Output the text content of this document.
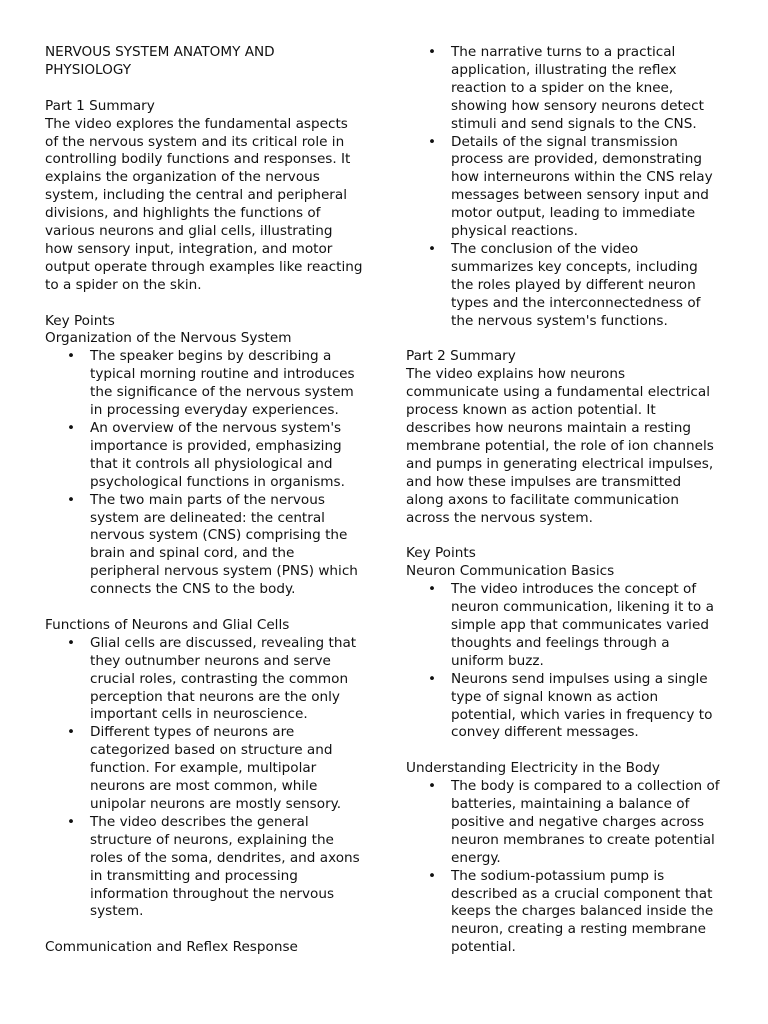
NERVOUS SYSTEM ANATOMY AND PHYSIOLOGY

Part 1 Summary

The video explores the fundamental aspects of the nervous system and its critical role in controlling bodily functions and responses. It explains the organization of the nervous system, including the central and peripheral divisions, and highlights the functions of various neurons and glial cells, illustrating how sensory input, integration, and motor output operate through examples like reacting to a spider on the skin.

Key Points

Organization of the Nervous System

• The speaker begins by describing a typical morning routine and introduces the significance of the nervous system in processing everyday experiences.
• An overview of the nervous system's importance is provided, emphasizing that it controls all physiological and psychological functions in organisms.
• The two main parts of the nervous system are delineated: the central nervous system (CNS) comprising the brain and spinal cord, and the peripheral nervous system (PNS) which connects the CNS to the body.

Functions of Neurons and Glial Cells

• Glial cells are discussed, revealing that they outnumber neurons and serve crucial roles, contrasting the common perception that neurons are the only important cells in neuroscience.
• Different types of neurons are categorized based on structure and function. For example, multipolar neurons are most common, while unipolar neurons are mostly sensory.
• The video describes the general structure of neurons, explaining the roles of the soma, dendrites, and axons in transmitting and processing information throughout the nervous system.

Communication and Reflex Response

• The narrative turns to a practical application, illustrating the reflex reaction to a spider on the knee, showing how sensory neurons detect stimuli and send signals to the CNS.
• Details of the signal transmission process are provided, demonstrating how interneurons within the CNS relay messages between sensory input and motor output, leading to immediate physical reactions.
• The conclusion of the video summarizes key concepts, including the roles played by different neuron types and the interconnectedness of the nervous system's functions.

Part 2 Summary

The video explains how neurons communicate using a fundamental electrical process known as action potential. It describes how neurons maintain a resting membrane potential, the role of ion channels and pumps in generating electrical impulses, and how these impulses are transmitted along axons to facilitate communication across the nervous system.

Key Points

Neuron Communication Basics

• The video introduces the concept of neuron communication, likening it to a simple app that communicates varied thoughts and feelings through a uniform buzz.
• Neurons send impulses using a single type of signal known as action potential, which varies in frequency to convey different messages.

Understanding Electricity in the Body

• The body is compared to a collection of batteries, maintaining a balance of positive and negative charges across neuron membranes to create potential energy.
• The sodium-potassium pump is described as a crucial component that keeps the charges balanced inside the neuron, creating a resting membrane potential.
